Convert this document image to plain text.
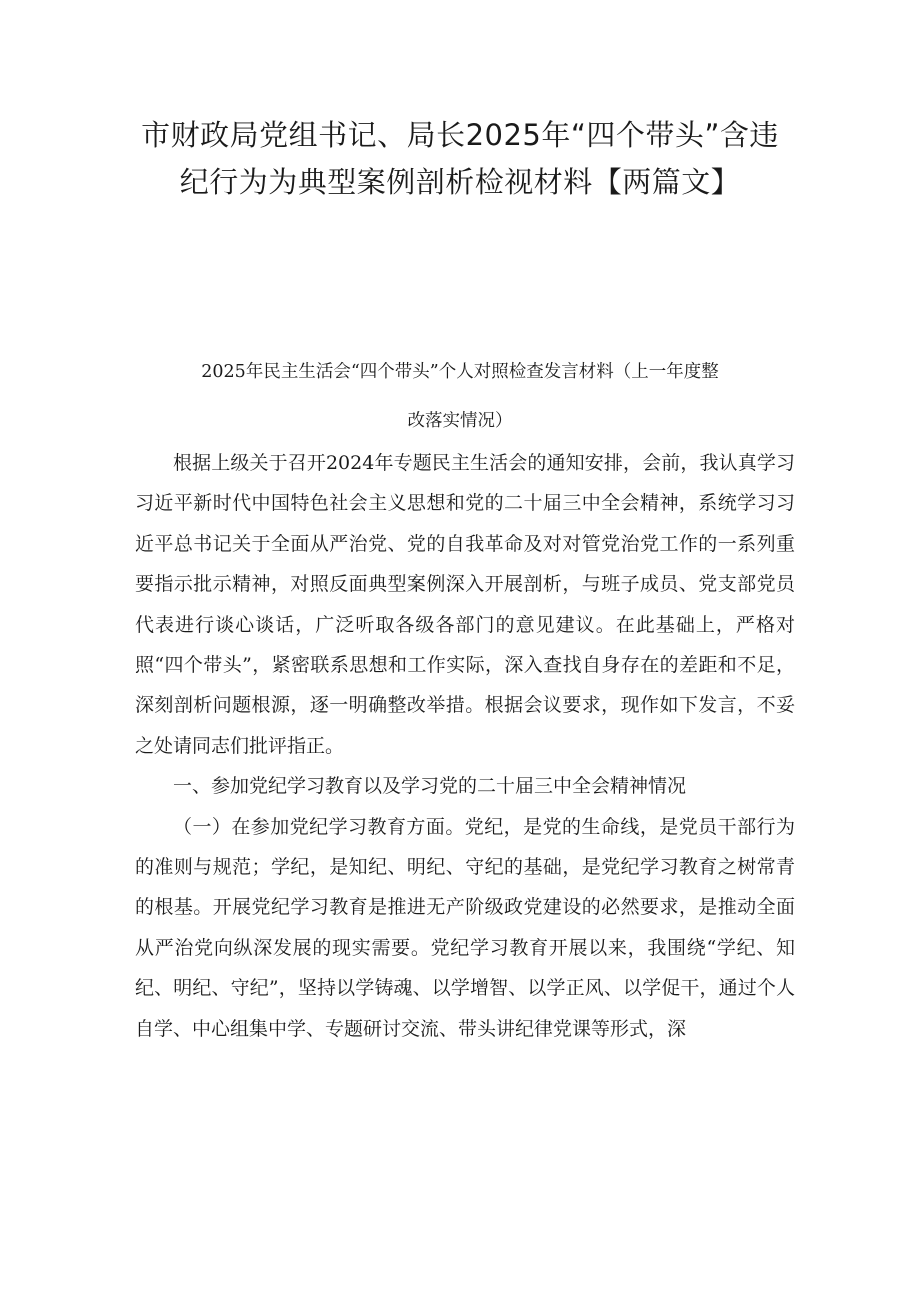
市财政局党组书记、局长2025年“四个带头”含违
纪行为为典型案例剖析检视材料【两篇文】
2025年民主生活会“四个带头”个人对照检查发言材料（上一年度整
改落实情况）

根据上级关于召开2024年专题民主生活会的通知安排，会前，我认真学习习近平新时代中国特色社会主义思想和党的二十届三中全会精神，系统学习习近平总书记关于全面从严治党、党的自我革命及对对管党治党工作的一系列重要指示批示精神，对照反面典型案例深入开展剖析，与班子成员、党支部党员代表进行谈心谈话，广泛听取各级各部门的意见建议。在此基础上，严格对照“四个带头”，紧密联系思想和工作实际，深入查找自身存在的差距和不足，深刻剖析问题根源，逐一明确整改举措。根据会议要求，现作如下发言，不妥之处请同志们批评指正。

一、参加党纪学习教育以及学习党的二十届三中全会精神情况

（一）在参加党纪学习教育方面。党纪，是党的生命线，是党员干部行为的准则与规范；学纪，是知纪、明纪、守纪的基础，是党纪学习教育之树常青的根基。开展党纪学习教育是推进无产阶级政党建设的必然要求，是推动全面从严治党向纵深发展的现实需要。党纪学习教育开展以来，我围绕“学纪、知纪、明纪、守纪”，坚持以学铸魂、以学增智、以学正风、以学促干，通过个人自学、中心组集中学、专题研讨交流、带头讲纪律党课等形式，深
